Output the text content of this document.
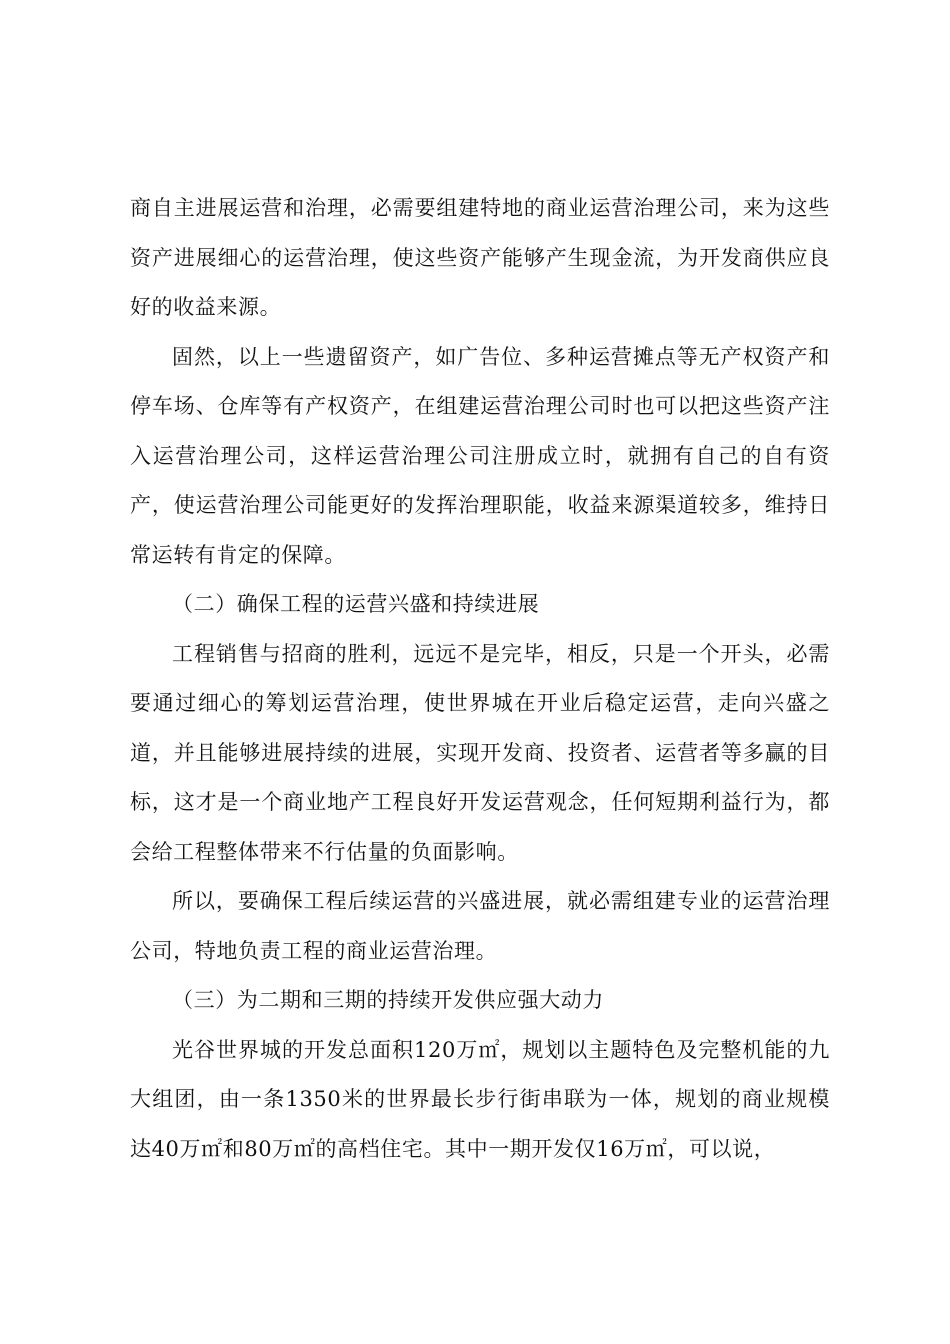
商自主进展运营和治理，必需要组建特地的商业运营治理公司，来为这些资产进展细心的运营治理，使这些资产能够产生现金流，为开发商供应良好的收益来源。

固然，以上一些遗留资产，如广告位、多种运营摊点等无产权资产和停车场、仓库等有产权资产，在组建运营治理公司时也可以把这些资产注入运营治理公司，这样运营治理公司注册成立时，就拥有自己的自有资产，使运营治理公司能更好的发挥治理职能，收益来源渠道较多，维持日常运转有肯定的保障。

（二）确保工程的运营兴盛和持续进展

工程销售与招商的胜利，远远不是完毕，相反，只是一个开头，必需要通过细心的筹划运营治理，使世界城在开业后稳定运营，走向兴盛之道，并且能够进展持续的进展，实现开发商、投资者、运营者等多赢的目标，这才是一个商业地产工程良好开发运营观念，任何短期利益行为，都会给工程整体带来不行估量的负面影响。

所以，要确保工程后续运营的兴盛进展，就必需组建专业的运营治理公司，特地负责工程的商业运营治理。

（三）为二期和三期的持续开发供应强大动力

光谷世界城的开发总面积120万㎡，规划以主题特色及完整机能的九大组团，由一条1350米的世界最长步行街串联为一体，规划的商业规模达40万㎡和80万㎡的高档住宅。其中一期开发仅16万㎡，可以说，
